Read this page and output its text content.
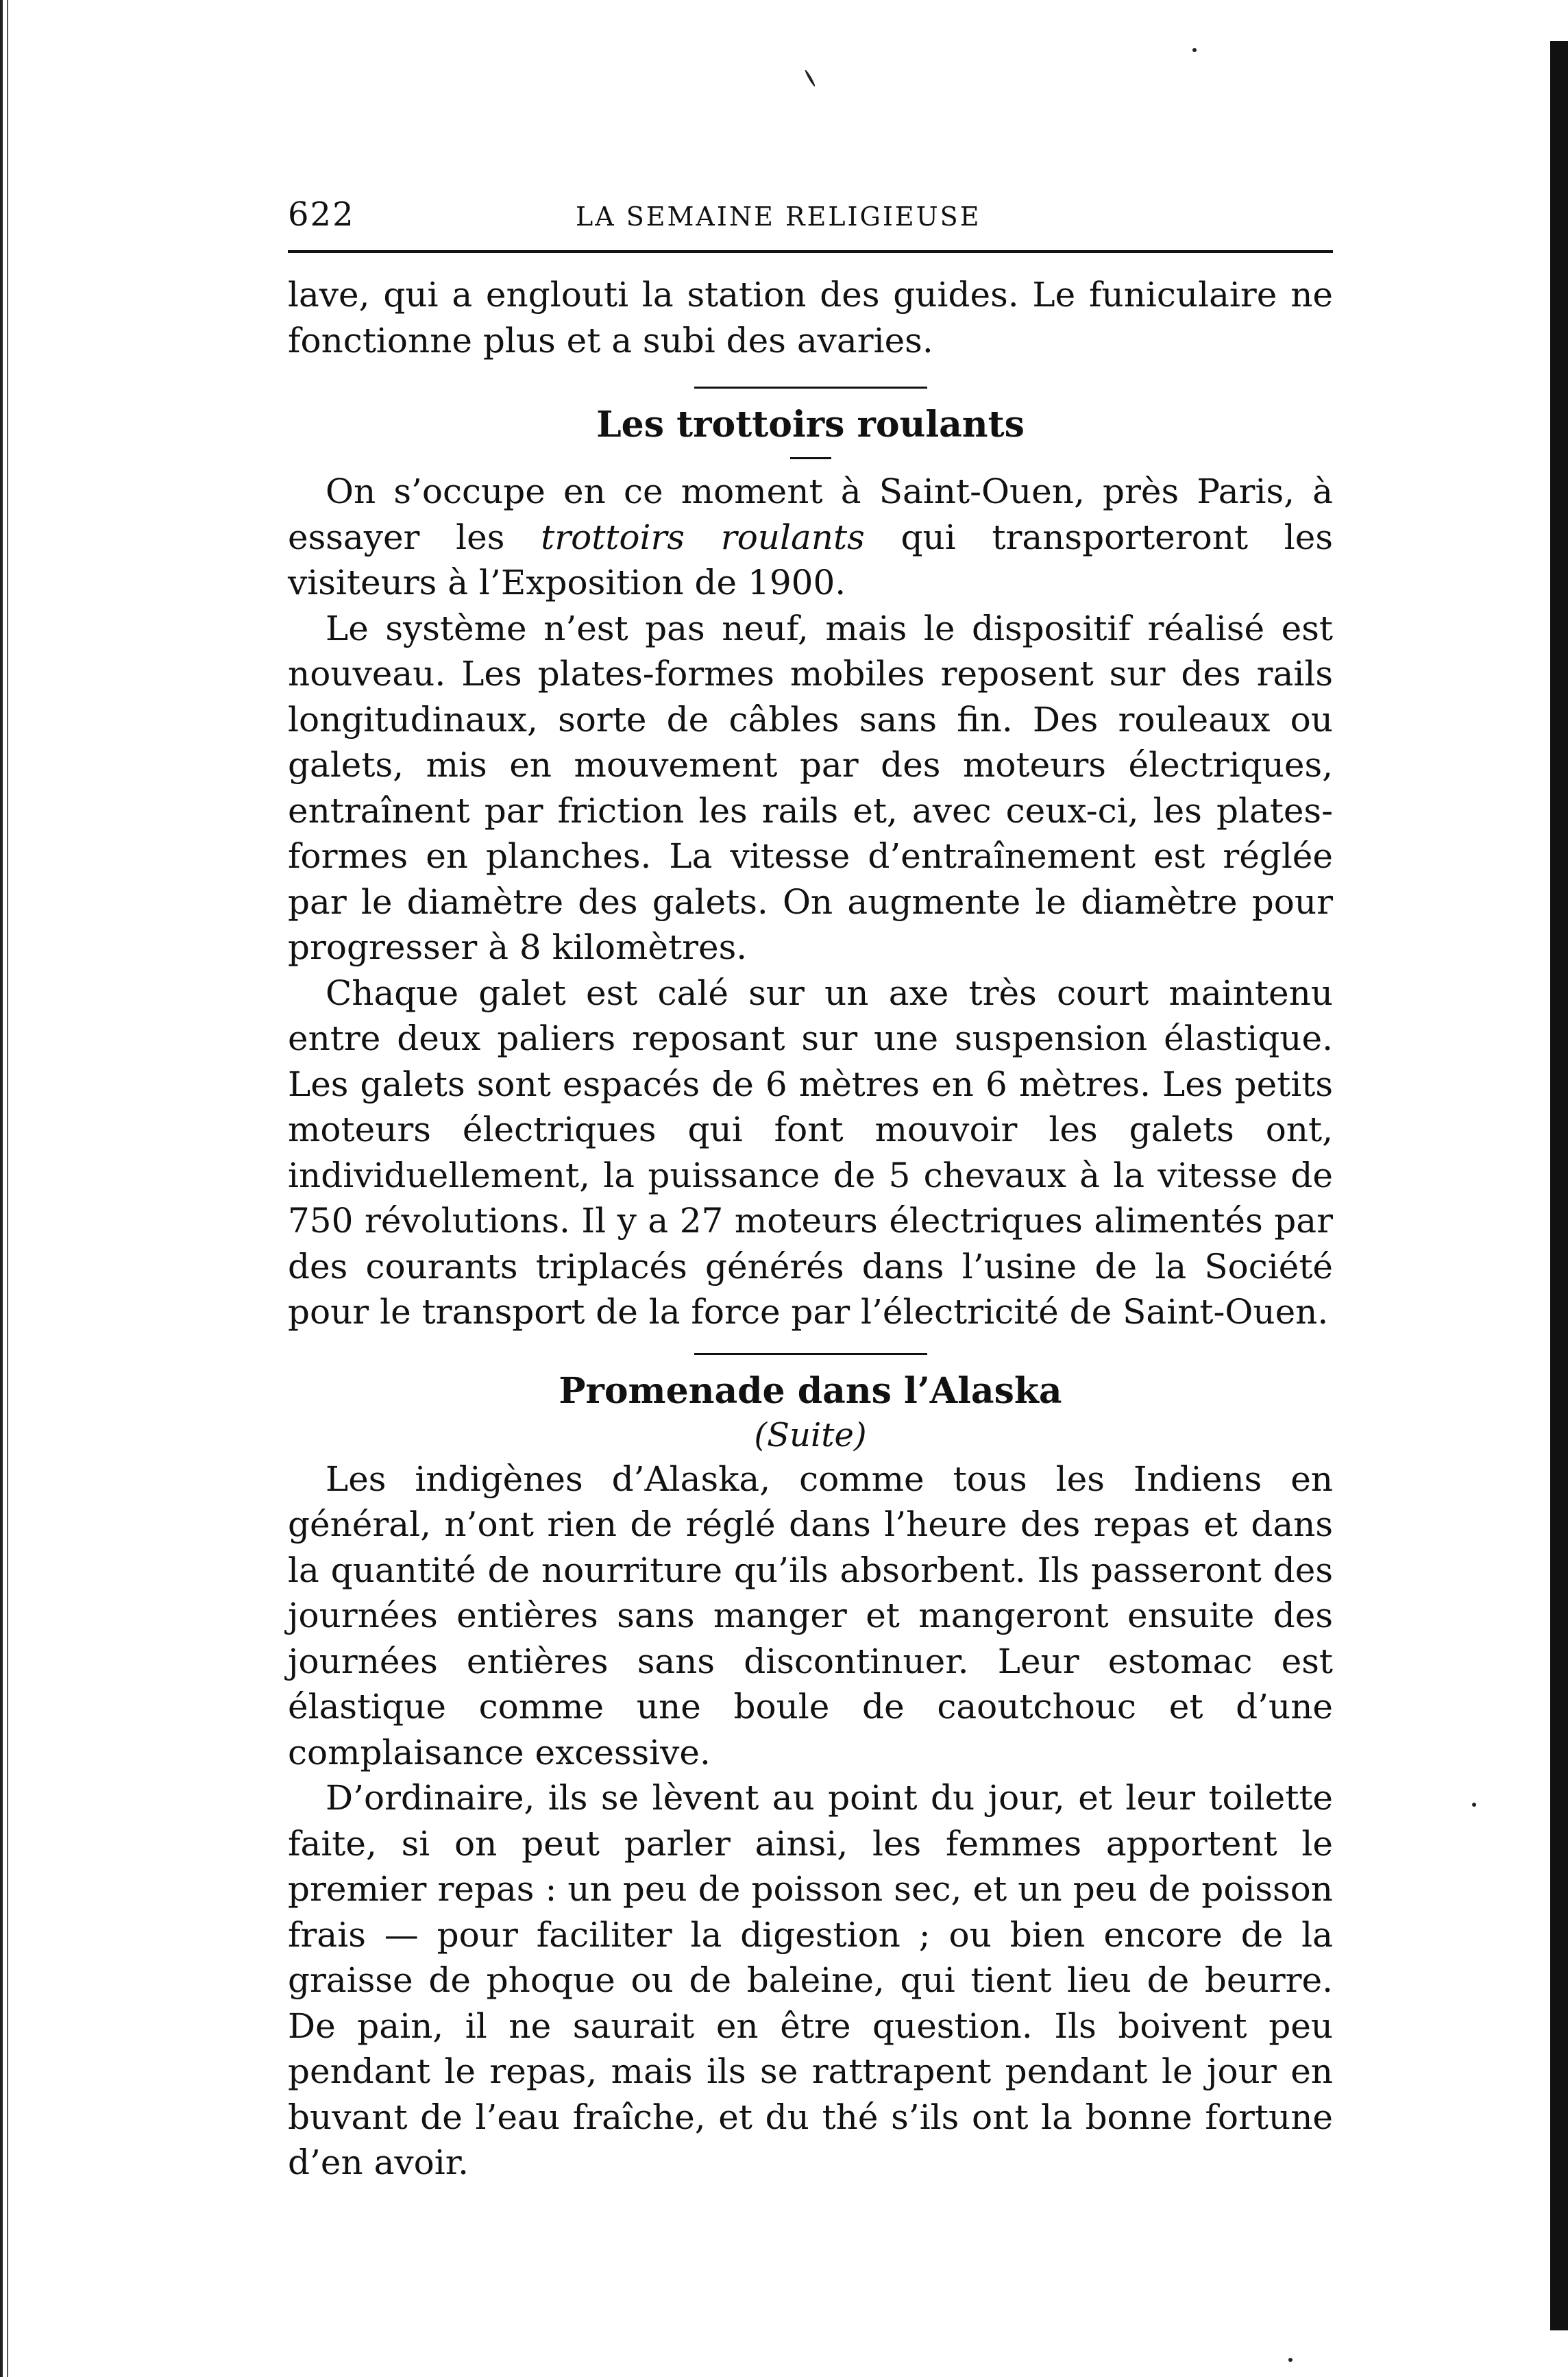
622	LA SEMAINE RELIGIEUSE

lave, qui a englouti la station des guides. Le funiculaire ne fonctionne plus et a subi des avaries.

Les trottoirs roulants

On s’occupe en ce moment à Saint-Ouen, près Paris, à essayer les trottoirs roulants qui transporteront les visiteurs à l’Exposition de 1900.

Le système n’est pas neuf, mais le dispositif réalisé est nouveau. Les plates-formes mobiles reposent sur des rails longitudinaux, sorte de câbles sans fin. Des rouleaux ou galets, mis en mouvement par des moteurs électriques, entraînent par friction les rails et, avec ceux-ci, les plates-formes en planches. La vitesse d’entraînement est réglée par le diamètre des galets. On augmente le diamètre pour progresser à 8 kilomètres.

Chaque galet est calé sur un axe très court maintenu entre deux paliers reposant sur une suspension élastique. Les galets sont espacés de 6 mètres en 6 mètres. Les petits moteurs électriques qui font mouvoir les galets ont, individuellement, la puissance de 5 chevaux à la vitesse de 750 révolutions. Il y a 27 moteurs électriques alimentés par des courants triplacés générés dans l’usine de la Société pour le transport de la force par l’électricité de Saint-Ouen.

Promenade dans l’Alaska

(Suite)

Les indigènes d’Alaska, comme tous les Indiens en général, n’ont rien de réglé dans l’heure des repas et dans la quantité de nourriture qu’ils absorbent. Ils passeront des journées entières sans manger et mangeront ensuite des journées entières sans discontinuer. Leur estomac est élastique comme une boule de caoutchouc et d’une complaisance excessive.

D’ordinaire, ils se lèvent au point du jour, et leur toilette faite, si on peut parler ainsi, les femmes apportent le premier repas : un peu de poisson sec, et un peu de poisson frais — pour faciliter la digestion ; ou bien encore de la graisse de phoque ou de baleine, qui tient lieu de beurre. De pain, il ne saurait en être question. Ils boivent peu pendant le repas, mais ils se rattrapent pendant le jour en buvant de l’eau fraîche, et du thé s’ils ont la bonne fortune d’en avoir.
